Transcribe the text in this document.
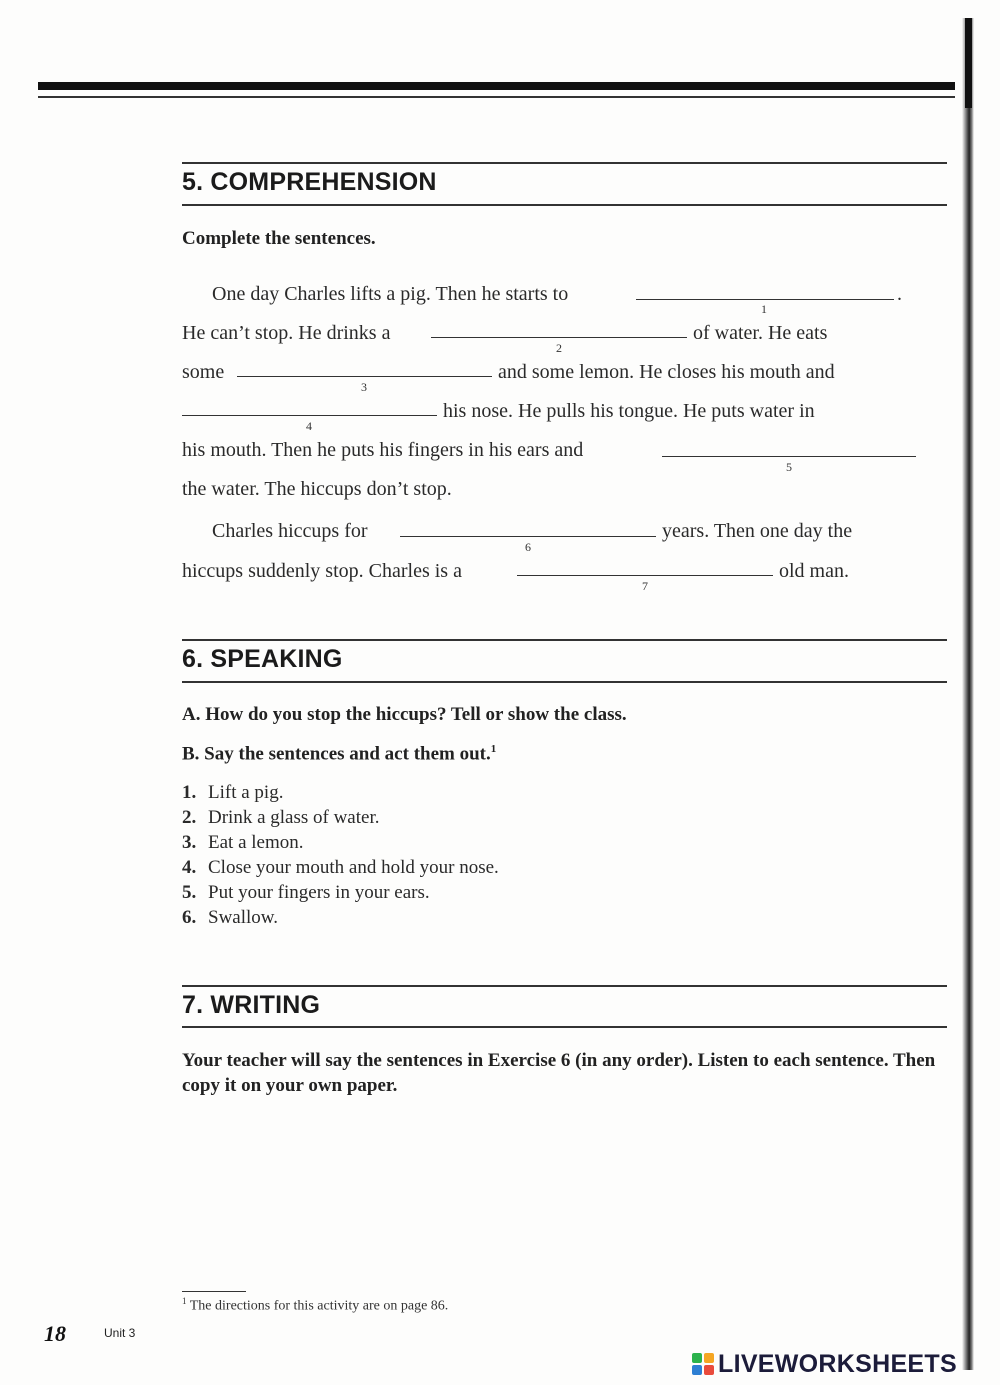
5. COMPREHENSION
Complete the sentences.
One day Charles lifts a pig. Then he starts to
1
.
He can’t stop. He drinks a
2
of water. He eats
some
3
and some lemon. He closes his mouth and
4
his nose. He pulls his tongue. He puts water in
his mouth. Then he puts his fingers in his ears and
5
the water. The hiccups don’t stop.
Charles hiccups for
6
years. Then one day the
hiccups suddenly stop. Charles is a
7
old man.
6. SPEAKING
A. How do you stop the hiccups? Tell or show the class.
B. Say the sentences and act them out.$^1$
1. Lift a pig.
2. Drink a glass of water.
3. Eat a lemon.
4. Close your mouth and hold your nose.
5. Put your fingers in your ears.
6. Swallow.
7. WRITING
Your teacher will say the sentences in Exercise 6 (in any order). Listen to each sentence. Then copy it on your own paper.
$^1$ The directions for this activity are on page 86.
18	Unit 3
LIVEWORKSHEETS
